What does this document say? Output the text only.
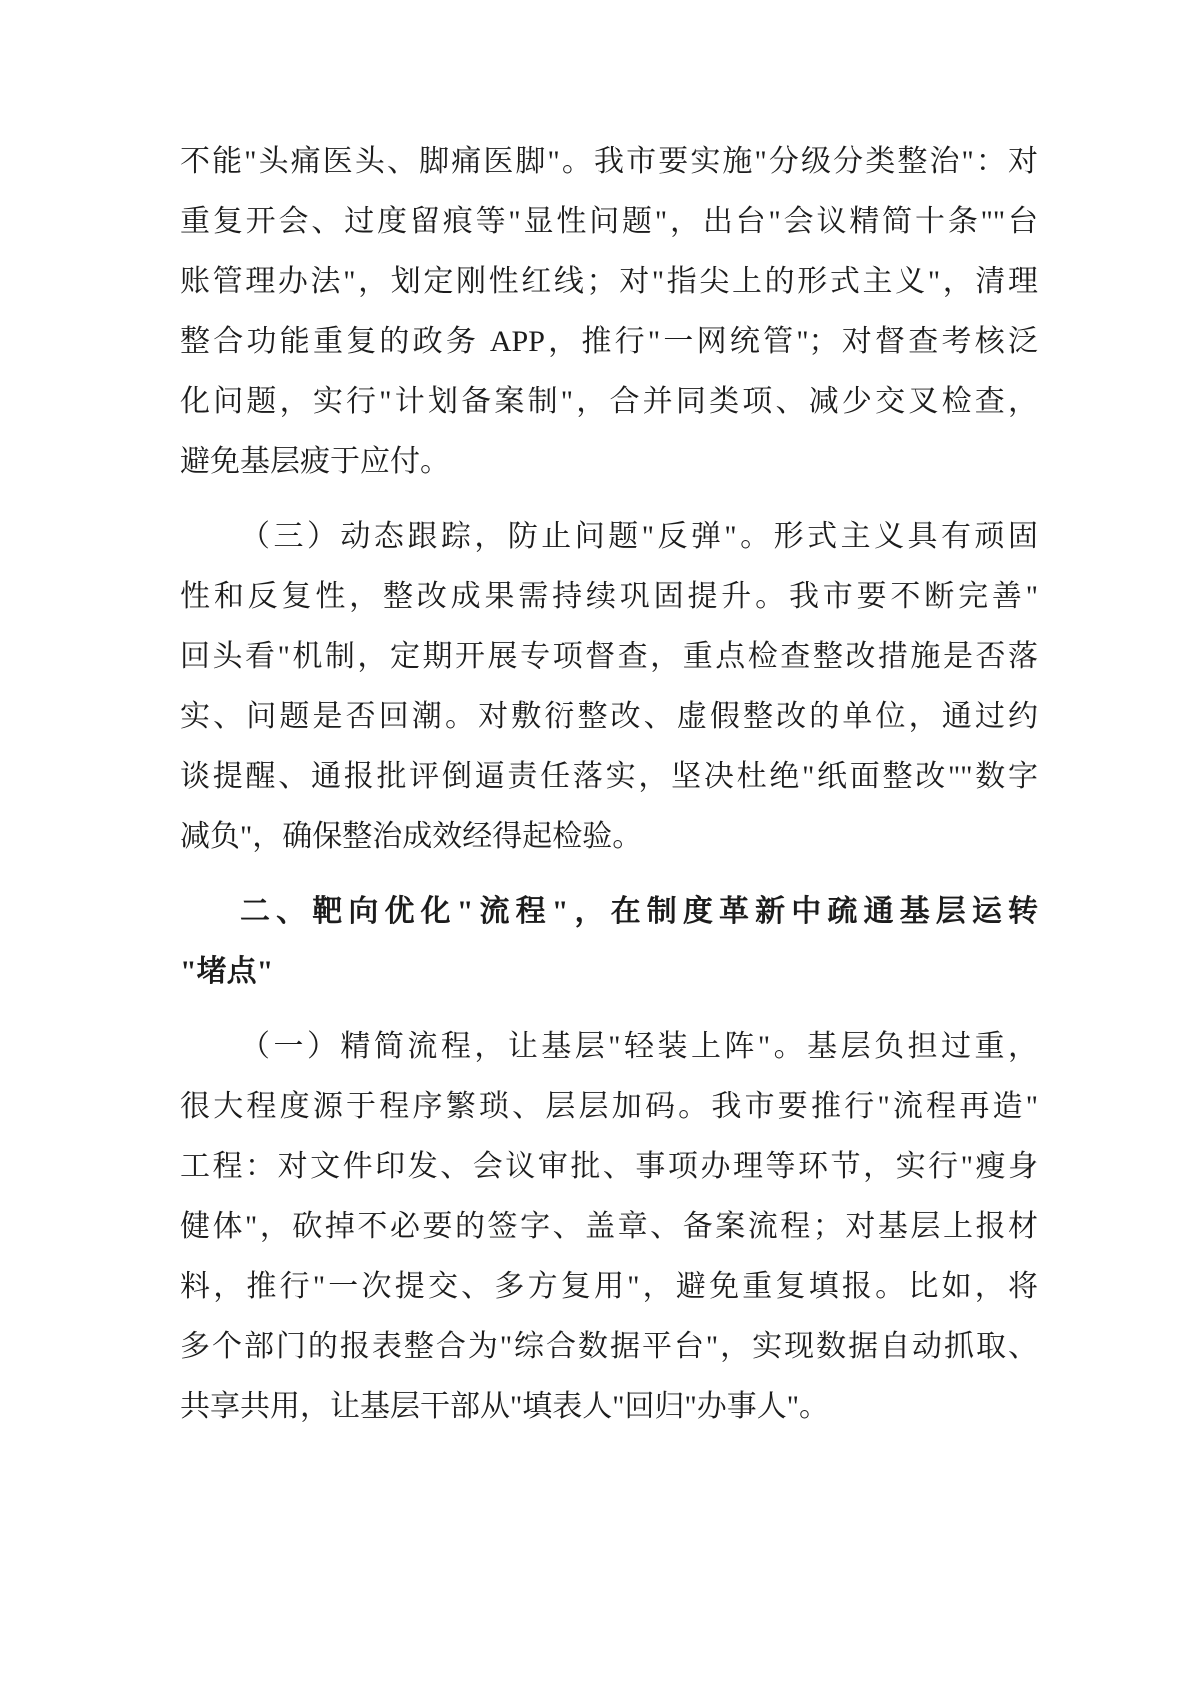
不能"头痛医头、脚痛医脚"。我市要实施"分级分类整治"：对
重复开会、过度留痕等"显性问题"，出台"会议精简十条""台
账管理办法"，划定刚性红线；对"指尖上的形式主义"，清理
整合功能重复的政务 APP，推行"一网统管"；对督查考核泛
化问题，实行"计划备案制"，合并同类项、减少交叉检查，
避免基层疲于应付。

（三）动态跟踪，防止问题"反弹"。形式主义具有顽固
性和反复性，整改成果需持续巩固提升。我市要不断完善"
回头看"机制，定期开展专项督查，重点检查整改措施是否落
实、问题是否回潮。对敷衍整改、虚假整改的单位，通过约
谈提醒、通报批评倒逼责任落实，坚决杜绝"纸面整改""数字
减负"，确保整治成效经得起检验。

二、靶向优化"流程"，在制度革新中疏通基层运转
"堵点"

（一）精简流程，让基层"轻装上阵"。基层负担过重，
很大程度源于程序繁琐、层层加码。我市要推行"流程再造"
工程：对文件印发、会议审批、事项办理等环节，实行"瘦身
健体"，砍掉不必要的签字、盖章、备案流程；对基层上报材
料，推行"一次提交、多方复用"，避免重复填报。比如，将
多个部门的报表整合为"综合数据平台"，实现数据自动抓取、
共享共用，让基层干部从"填表人"回归"办事人"。
